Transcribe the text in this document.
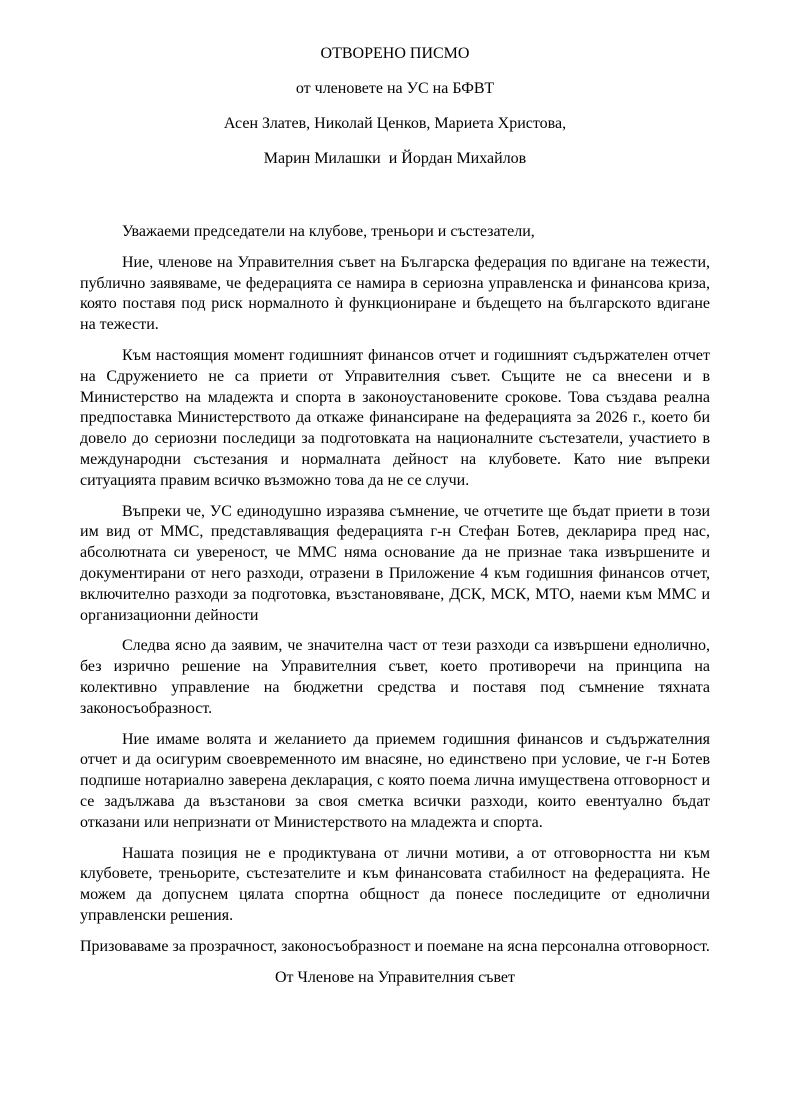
ОТВОРЕНО ПИСМО
от членовете на УС на БФВТ
Асен Златев, Николай Ценков, Мариета Христова,
Марин Милашки  и Йордан Михайлов

Уважаеми председатели на клубове, треньори и състезатели,

Ние, членове на Управителния съвет на Българска федерация по вдигане на тежести, публично заявяваме, че федерацията се намира в сериозна управленска и финансова криза, която поставя под риск нормалното ѝ функциониране и бъдещето на българското вдигане на тежести.

Към настоящия момент годишният финансов отчет и годишният съдържателен отчет на Сдружението не са приети от Управителния съвет. Същите не са внесени и в Министерство на младежта и спорта в законоустановените срокове. Това създава реална предпоставка Министерството да откаже финансиране на федерацията за 2026 г., което би довело до сериозни последици за подготовката на националните състезатели, участието в международни състезания и нормалната дейност на клубовете. Като ние въпреки ситуацията правим всичко възможно това да не се случи.

Въпреки че, УС единодушно изразява съмнение, че отчетите ще бъдат приети в този им вид от ММС, представляващия федерацията г-н Стефан Ботев, декларира пред нас, абсолютната си увереност, че ММС няма основание да не признае така извършените и документирани от него разходи, отразени в Приложение 4 към годишния финансов отчет, включително разходи за подготовка, възстановяване, ДСК, МСК, МТО, наеми към ММС и организационни дейности

Следва ясно да заявим, че значителна част от тези разходи са извършени еднолично, без изрично решение на Управителния съвет, което противоречи на принципа на колективно управление на бюджетни средства и поставя под съмнение тяхната законосъобразност.

Ние имаме волята и желанието да приемем годишния финансов и съдържателния отчет и да осигурим своевременното им внасяне, но единствено при условие, че г-н Ботев подпише нотариално заверена декларация, с която поема лична имуществена отговорност и се задължава да възстанови за своя сметка всички разходи, които евентуално бъдат отказани или непризнати от Министерството на младежта и спорта.

Нашата позиция не е продиктувана от лични мотиви, а от отговорността ни към клубовете, треньорите, състезателите и към финансовата стабилност на федерацията. Не можем да допуснем цялата спортна общност да понесе последиците от еднолични управленски решения.

Призоваваме за прозрачност, законосъобразност и поемане на ясна персонална отговорност.

От Членове на Управителния съвет
